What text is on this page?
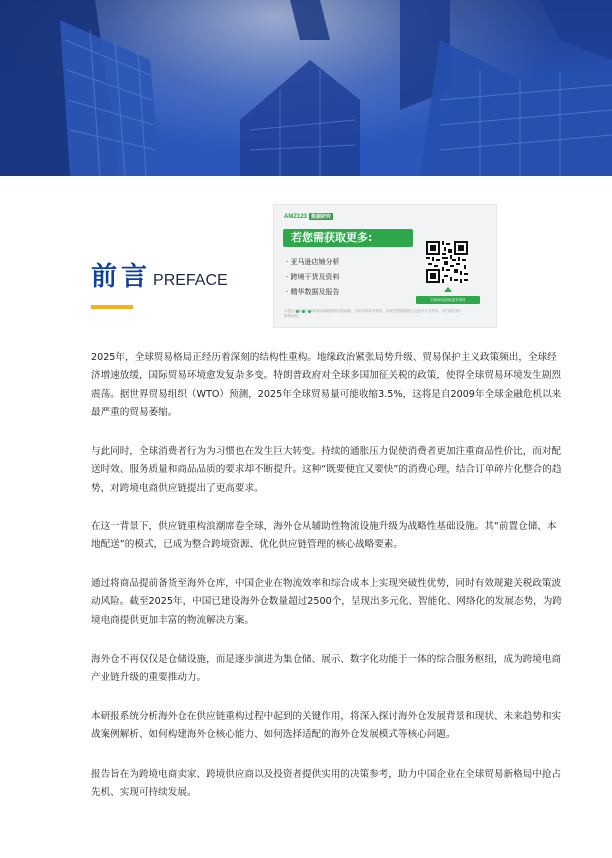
AMZ123 数据研究
若您需获取更多:
· 亚马逊店铺分析
· 跨境干货及资料
· 精华数据及报告
本报告由AMZ123跨境电商数据研究院编制，仅供内部参考使用，如需完整数据报告及更多行业资讯，请扫描右侧二维码获取。
扫码添加获取更多资料
前言 PREFACE

2025年，全球贸易格局正经历着深刻的结构性重构。地缘政治紧张局势升级、贸易保护主义政策频出，全球经济增速放缓，国际贸易环境愈发复杂多变。特朗普政府对全球多国加征关税的政策，使得全球贸易环境发生剧烈震荡。据世界贸易组织（WTO）预测，2025年全球贸易量可能收缩3.5%，这将是自2009年全球金融危机以来最严重的贸易萎缩。

与此同时，全球消费者行为为习惯也在发生巨大转变。持续的通胀压力促使消费者更加注重商品性价比，而对配送时效、服务质量和商品品质的要求却不断提升。这种“既要便宜又要快”的消费心理，结合订单碎片化整合的趋势，对跨境电商供应链提出了更高要求。

在这一背景下，供应链重构浪潮席卷全球，海外仓从辅助性物流设施升级为战略性基础设施。其“前置仓储、本地配送”的模式，已成为整合跨境资源、优化供应链管理的核心战略要素。

通过将商品提前备货至海外仓库，中国企业在物流效率和综合成本上实现突破性优势，同时有效规避关税政策波动风险。截至2025年，中国已建设海外仓数量超过2500个，呈现出多元化、智能化、网络化的发展态势，为跨境电商提供更加丰富的物流解决方案。

海外仓不再仅仅是仓储设施，而是逐步演进为集仓储、展示、数字化功能于一体的综合服务枢纽，成为跨境电商产业链升级的重要推动力。

本研报系统分析海外仓在供应链重构过程中起到的关键作用，将深入探讨海外仓发展背景和现状、未来趋势和实战案例解析、如何构建海外仓核心能力、如何选择适配的海外仓发展模式等核心问题。

报告旨在为跨境电商卖家、跨境供应商以及投资者提供实用的决策参考，助力中国企业在全球贸易新格局中抢占先机、实现可持续发展。
